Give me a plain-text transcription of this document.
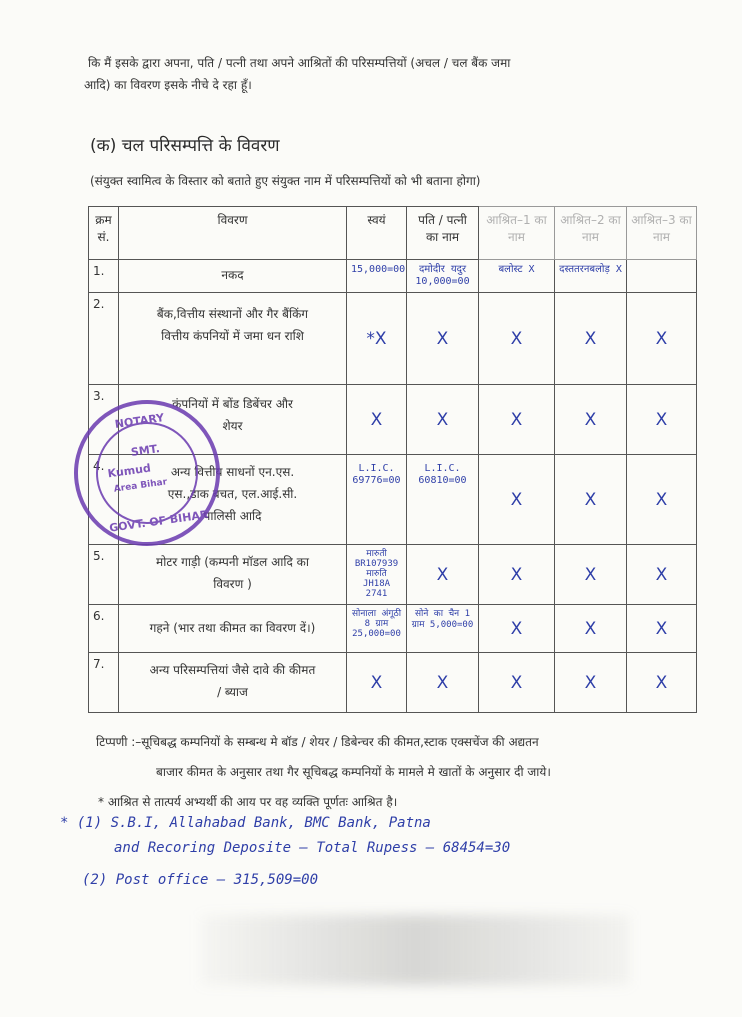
कि मैं इसके द्वारा अपना, पति / पत्नी तथा अपने आश्रितों की परिसम्पत्तियों (अचल / चल बैंक जमा
आदि) का विवरण इसके नीचे दे रहा हूँ।
(क) चल परिसम्पत्ति के विवरण
(संयुक्त स्वामित्व के विस्तार को बताते हुए संयुक्त नाम में परिसम्पत्तियों को भी बताना होगा)
क्रम सं.	विवरण	स्वयं	पति / पत्नी का नाम	आश्रित–1 का नाम	आश्रित–2 का नाम	आश्रित–3 का नाम
1.	नकद	15,000=00	दमोदीर यदुर 10,000=00	बलोस्ट X	दस्ततरनबलोड़ X	
2.	बैंक,वित्तीय संस्थानों और गैर बैंकिंग वित्तीय कंपनियों में जमा धन राशि	*X	X	X	X	X
3.	कंपनियों में बोंड डिबेंचर और शेयर	X	X	X	X	X
4.	अन्य वित्तीय साधनों एन.एस. एस.,डाक बचत, एल.आई.सी. पालिसी आदि	L.I.C. 69776=00	L.I.C. 60810=00	X	X	X
5.	मोटर गाड़ी (कम्पनी मॉडल आदि का विवरण )	मारुती BR107939 मारुति JH18A 2741	X	X	X	X
6.	गहने (भार तथा कीमत का विवरण दें।)	सोनाला अंगूठी 8 ग्राम 25,000=00	सोने का चैन 1 ग्राम 5,000=00	X	X	X
7.	अन्य परिसम्पत्तियां जैसे दावे की कीमत / ब्याज	X	X	X	X	X
NOTARY
SMT.
Kumud
Area Bihar
GOVT. OF BIHAR
टिप्पणी :–सूचिबद्ध कम्पनियों के सम्बन्ध मे बॉड / शेयर / डिबेन्चर की कीमत,स्टाक एक्सचेंज की अद्यतन
बाजार कीमत के अनुसार तथा गैर सूचिबद्ध कम्पनियों के मामले मे खातों के अनुसार दी जाये।
* आश्रित से तात्पर्य अभ्यर्थी की आय पर वह व्यक्ति पूर्णतः आश्रित है।
* (1) S.B.I, Allahabad Bank, BMC Bank, Patna
and Recoring Deposite — Total Rupess — 68454=30
(2) Post office — 315,509=00
